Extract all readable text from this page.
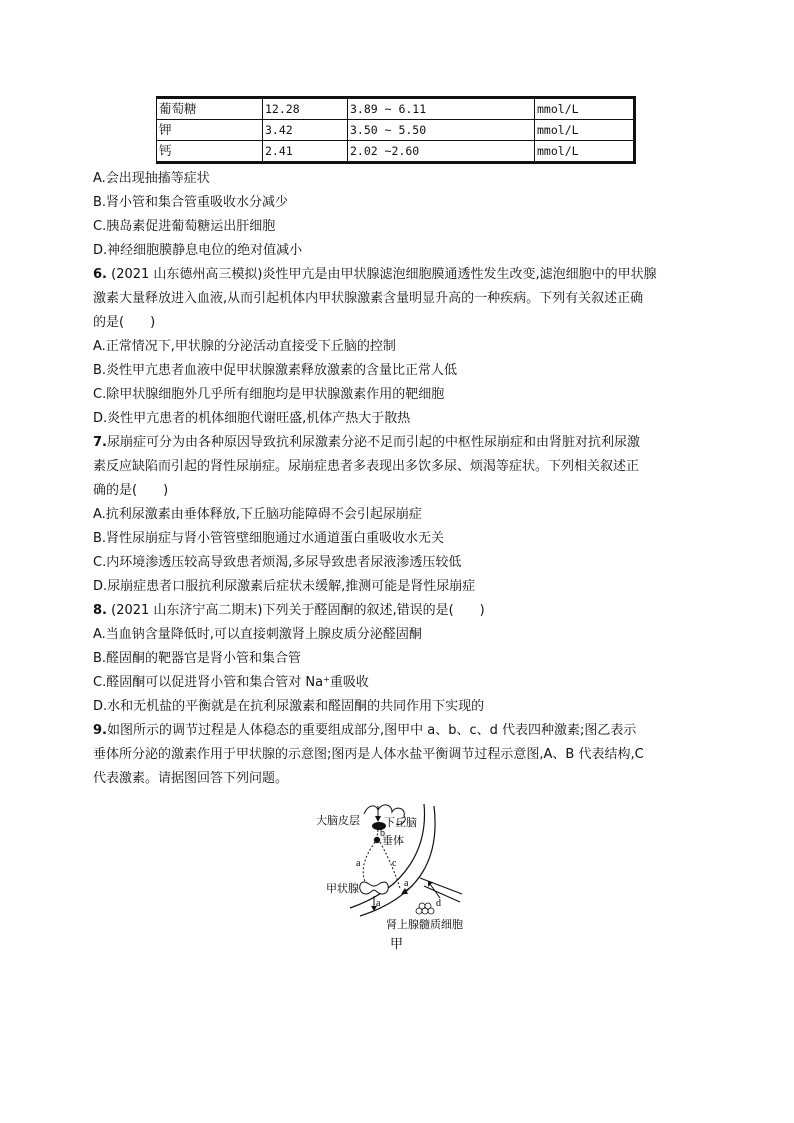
葡萄糖	12.28	3.89 ~ 6.11	mmol/L
钾	3.42	3.50 ~ 5.50	mmol/L
钙	2.41	2.02 ~2.60	mmol/L
A.会出现抽搐等症状
B.肾小管和集合管重吸收水分减少
C.胰岛素促进葡萄糖运出肝细胞
D.神经细胞膜静息电位的绝对值减小
6. (2021 山东德州高三模拟)炎性甲亢是由甲状腺滤泡细胞膜通透性发生改变,滤泡细胞中的甲状腺
激素大量释放进入血液,从而引起机体内甲状腺激素含量明显升高的一种疾病。下列有关叙述正确
的是(　　)
A.正常情况下,甲状腺的分泌活动直接受下丘脑的控制
B.炎性甲亢患者血液中促甲状腺激素释放激素的含量比正常人低
C.除甲状腺细胞外几乎所有细胞均是甲状腺激素作用的靶细胞
D.炎性甲亢患者的机体细胞代谢旺盛,机体产热大于散热
7.尿崩症可分为由各种原因导致抗利尿激素分泌不足而引起的中枢性尿崩症和由肾脏对抗利尿激
素反应缺陷而引起的肾性尿崩症。尿崩症患者多表现出多饮多尿、烦渴等症状。下列相关叙述正
确的是(　　)
A.抗利尿激素由垂体释放,下丘脑功能障碍不会引起尿崩症
B.肾性尿崩症与肾小管管壁细胞通过水通道蛋白重吸收水无关
C.内环境渗透压较高导致患者烦渴,多尿导致患者尿液渗透压较低
D.尿崩症患者口服抗利尿激素后症状未缓解,推测可能是肾性尿崩症
8. (2021 山东济宁高二期末)下列关于醛固酮的叙述,错误的是(　　)
A.当血钠含量降低时,可以直接刺激肾上腺皮质分泌醛固酮
B.醛固酮的靶器官是肾小管和集合管
C.醛固酮可以促进肾小管和集合管对 Na⁺重吸收
D.水和无机盐的平衡就是在抗利尿激素和醛固酮的共同作用下实现的
9.如图所示的调节过程是人体稳态的重要组成部分,图甲中 a、b、c、d 代表四种激素;图乙表示
垂体所分泌的激素作用于甲状腺的示意图;图丙是人体水盐平衡调节过程示意图,A、B 代表结构,C
代表激素。请据图回答下列问题。
大脑皮层 下丘脑
垂体
b
a	c
甲状腺
a
a
d
肾上腺髓质细胞
甲
